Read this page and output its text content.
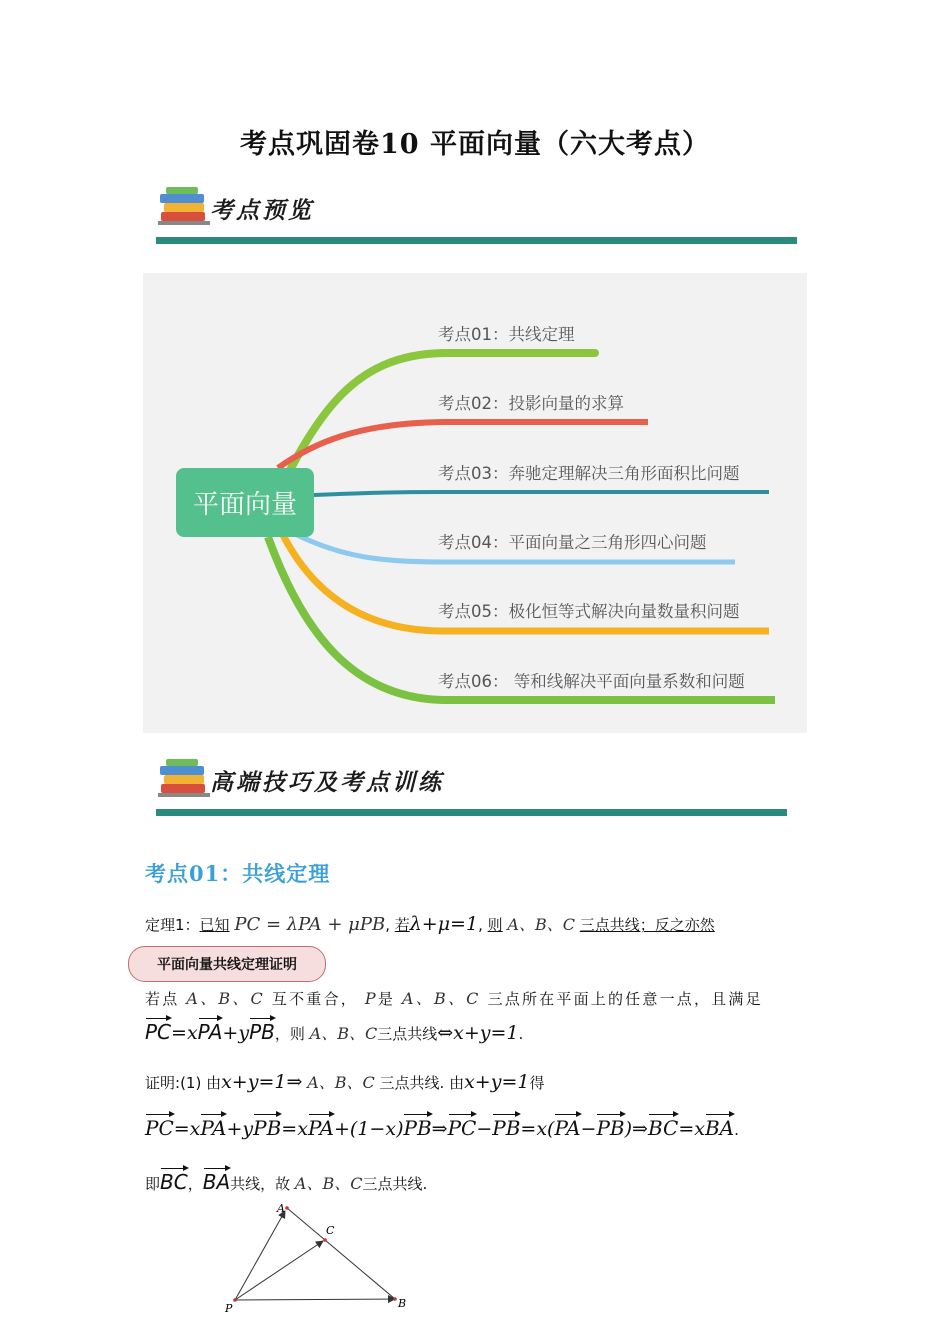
考点巩固卷10 平面向量（六大考点）
考点预览
平面向量
考点01：共线定理
考点02：投影向量的求算
考点03：奔驰定理解决三角形面积比问题
考点04：平面向量之三角形四心问题
考点05：极化恒等式解决向量数量积问题
考点06： 等和线解决平面向量系数和问题
高端技巧及考点训练
考点01：共线定理
定理1：已知 PC = λPA + μPB, 若λ+μ=1, 则 A、B、C 三点共线；反之亦然
平面向量共线定理证明
若点 A、B、C 互不重合， P是 A、B、C 三点所在平面上的任意一点，且满足
PC=xPA+yPB，则 A、B、C三点共线⇔x+y=1.
证明:(1) 由x+y=1⇒ A、B、C 三点共线. 由x+y=1得
PC=xPA+yPB=xPA+(1−x)PB⇒PC−PB=x(PA−PB)⇒BC=xBA.
即BC，BA共线，故 A、B、C三点共线.
A
C
P	B
